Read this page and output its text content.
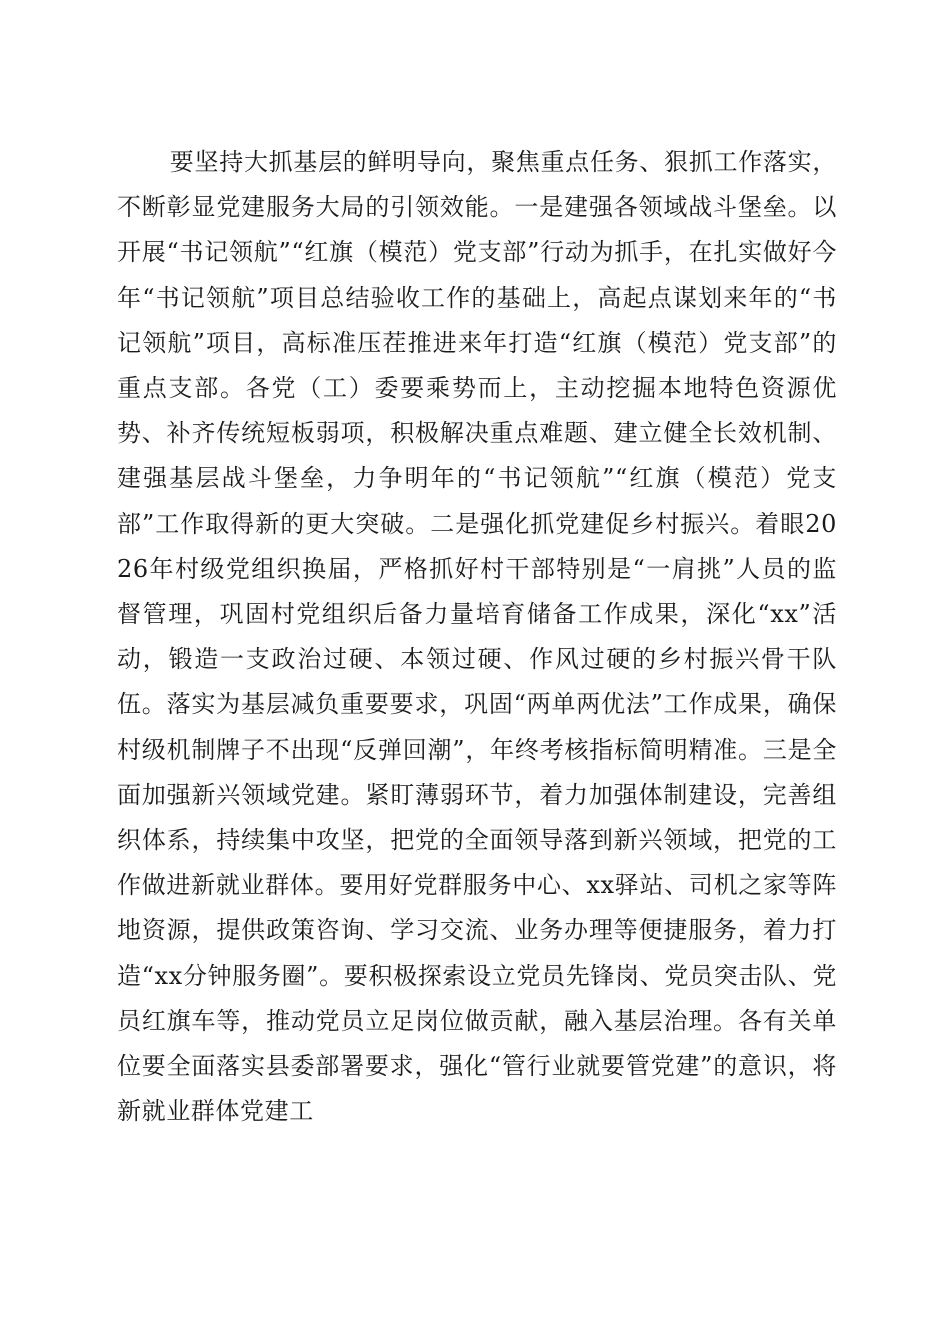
要坚持大抓基层的鲜明导向，聚焦重点任务、狠抓工作落实，不断彰显党建服务大局的引领效能。一是建强各领域战斗堡垒。以开展“书记领航”“红旗（模范）党支部”行动为抓手，在扎实做好今年“书记领航”项目总结验收工作的基础上，高起点谋划来年的“书记领航”项目，高标准压茬推进来年打造“红旗（模范）党支部”的重点支部。各党（工）委要乘势而上，主动挖掘本地特色资源优势、补齐传统短板弱项，积极解决重点难题、建立健全长效机制、建强基层战斗堡垒，力争明年的“书记领航”“红旗（模范）党支部”工作取得新的更大突破。二是强化抓党建促乡村振兴。着眼2026年村级党组织换届，严格抓好村干部特别是“一肩挑”人员的监督管理，巩固村党组织后备力量培育储备工作成果，深化“xx”活动，锻造一支政治过硬、本领过硬、作风过硬的乡村振兴骨干队伍。落实为基层减负重要要求，巩固“两单两优法”工作成果，确保村级机制牌子不出现“反弹回潮”，年终考核指标简明精准。三是全面加强新兴领域党建。紧盯薄弱环节，着力加强体制建设，完善组织体系，持续集中攻坚，把党的全面领导落到新兴领域，把党的工作做进新就业群体。要用好党群服务中心、xx驿站、司机之家等阵地资源，提供政策咨询、学习交流、业务办理等便捷服务，着力打造“xx分钟服务圈”。要积极探索设立党员先锋岗、党员突击队、党员红旗车等，推动党员立足岗位做贡献，融入基层治理。各有关单位要全面落实县委部署要求，强化“管行业就要管党建”的意识，将新就业群体党建工
